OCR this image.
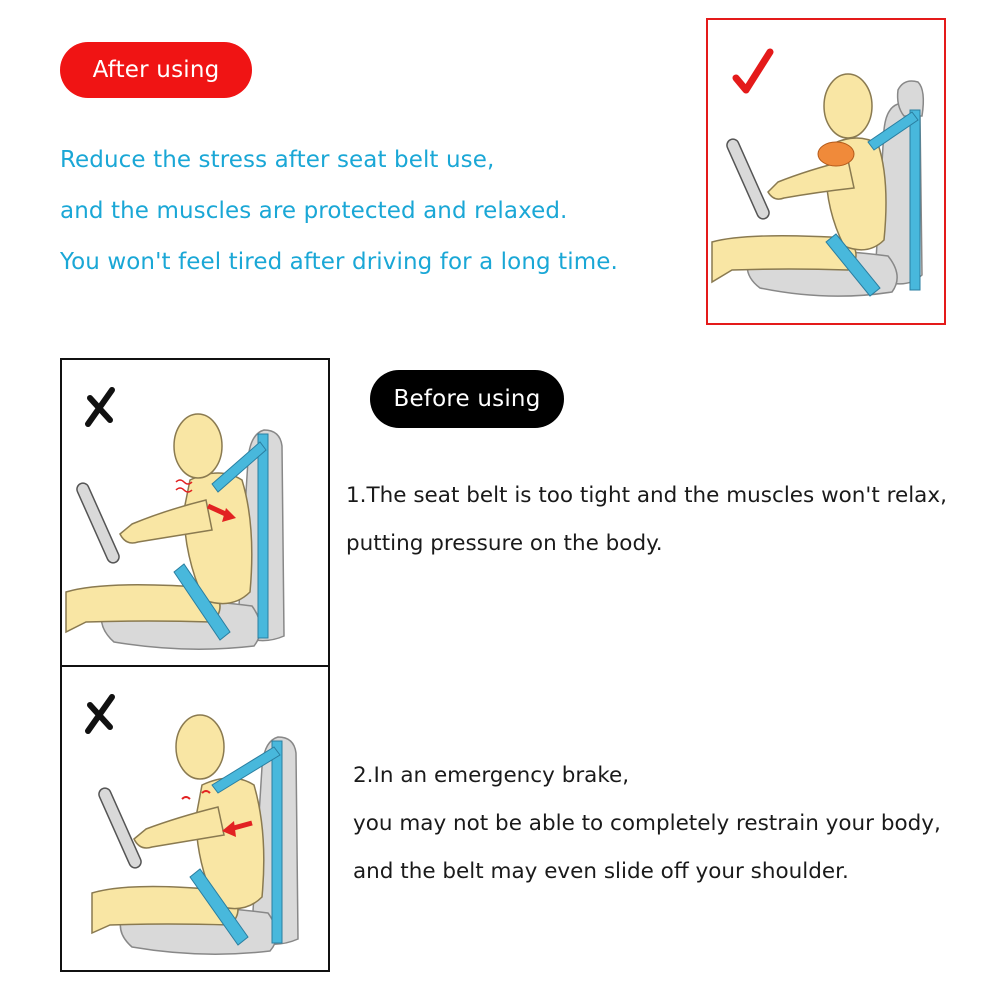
After using
Reduce the stress after seat belt use,
and the muscles are protected and relaxed.
You won't feel tired after driving for a long time.
Before using
1.The seat belt is too tight and the muscles won't relax,
putting pressure on the body.
2.In an emergency brake,
you may not be able to completely restrain your body,
and the belt may even slide off your shoulder.
